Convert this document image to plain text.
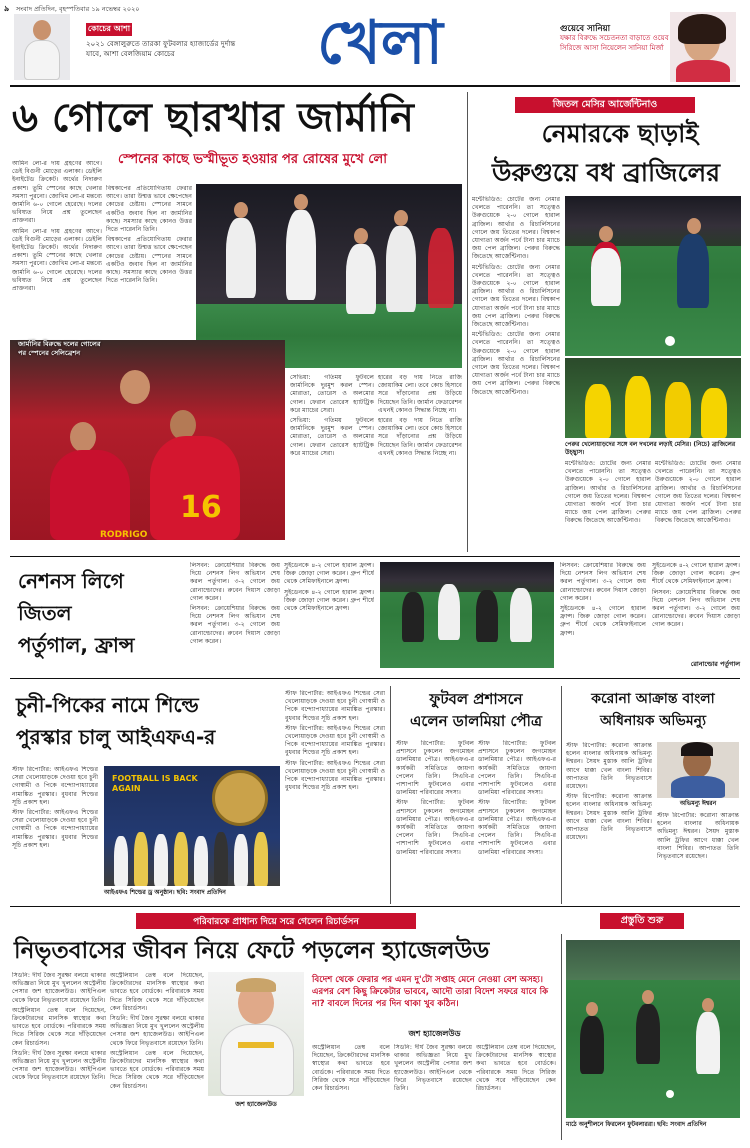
৯ সংবাদ প্রতিদিন, বৃহস্পতিবার ১৯ নভেম্বর ২০২০
কোচের আশা
২০২১ বেঙ্গালুরুতে তারকা ফুটবলার হ্যাজার্ডের দুর্দান্ত যাবে, আশা বেলজিয়াম কোচের	খেলা	গুয়েবে সানিয়া
যক্ষার বিরুদ্ধে সচেতনতা বাড়াতে ওয়েব সিরিজে আসা নিয়েলেন সানিয়া মির্জা
৬ গোলে ছারখার জার্মানি
স্পেনের কাছে ভস্মীভূত হওয়ার পর রোষের মুখে লো

আমিন লো-র দায় গ্রহণের আগে। ডেই বিগুনী মোড়ের এলাকা। ডেইলি ইনাইটেড ক্রিকেট। অর্থের নিদারুণ প্রকাশ। তুমি স্পেনের কাছে খেলার সমস্যা পুরনো। জোখিম লো-র মন্তব্যে জার্মানি ৬-০ গোলে হেরেছে। দলের ভবিষ্যত নিয়ে প্রশ্ন তুলেছেন প্রাক্তনরা।

আমিন লো-র দায় গ্রহণের আগে। ডেই বিগুনী মোড়ের এলাকা। ডেইলি ইনাইটেড ক্রিকেট। অর্থের নিদারুণ প্রকাশ। তুমি স্পেনের কাছে খেলার সমস্যা পুরনো। জোখিম লো-র মন্তব্যে জার্মানি ৬-০ গোলে হেরেছে। দলের ভবিষ্যত নিয়ে প্রশ্ন তুলেছেন প্রাক্তনরা।

বিশ্বকাপের প্রতিযোগিতায় ফেরার আগে। তারা উন্মত্ত ভাবে ক্ষেপেছেন কোচের চেষ্টায়। স্পেনের সামনে একটিও জবাব ছিল না জার্মানির কাছে। সমস্যার কাছে কোনও উত্তর দিতে পারেননি তিনি।

বিশ্বকাপের প্রতিযোগিতায় ফেরার আগে। তারা উন্মত্ত ভাবে ক্ষেপেছেন কোচের চেষ্টায়। স্পেনের সামনে একটিও জবাব ছিল না জার্মানির কাছে। সমস্যার কাছে কোনও উত্তর দিতে পারেননি তিনি।

16
RODRIGO
জার্মানির বিরুদ্ধে দলের গোলের পর স্পেনের সেলিব্রেশন

সেভিয়া: গতিময় ফুটবলে জার্মানিকে দুরমুশ করল স্পেন। মোরাতা, তোরেস ও অলমোর গোল। ফেরান তোরেস হ্যাটট্রিক করে ম্যাচের সেরা।

সেভিয়া: গতিময় ফুটবলে জার্মানিকে দুরমুশ করল স্পেন। মোরাতা, তোরেস ও অলমোর গোল। ফেরান তোরেস হ্যাটট্রিক করে ম্যাচের সেরা।

হারের বড় দায় নিতে রাজি জোয়াকিম লো। তবে কোচ হিসাবে সরে দাঁড়ানোর প্রশ্ন উড়িয়ে দিয়েছেন তিনি। জার্মান ফেডারেশন এখনই কোনও সিদ্ধান্ত নিচ্ছে না।

হারের বড় দায় নিতে রাজি জোয়াকিম লো। তবে কোচ হিসাবে সরে দাঁড়ানোর প্রশ্ন উড়িয়ে দিয়েছেন তিনি। জার্মান ফেডারেশন এখনই কোনও সিদ্ধান্ত নিচ্ছে না।

জিতল মেসির আর্জেন্টিনাও
নেমারকে ছাড়াই
উরুগুয়ে বধ ব্রাজিলের

মন্টেভিডিও: চোটের জন্য নেমার খেলতে পারেননি। তা সত্ত্বেও উরুগুয়েকে ২-০ গোলে হারাল ব্রাজিল। আর্থার ও রিচার্লিসনের গোলে জয় তিতের দলের। বিশ্বকাপ যোগ্যতা অর্জন পর্বে টানা চার ম্যাচে জয় পেল ব্রাজিল। পেরুর বিরুদ্ধে জিতেছে আর্জেন্টিনাও।

মন্টেভিডিও: চোটের জন্য নেমার খেলতে পারেননি। তা সত্ত্বেও উরুগুয়েকে ২-০ গোলে হারাল ব্রাজিল। আর্থার ও রিচার্লিসনের গোলে জয় তিতের দলের। বিশ্বকাপ যোগ্যতা অর্জন পর্বে টানা চার ম্যাচে জয় পেল ব্রাজিল। পেরুর বিরুদ্ধে জিতেছে আর্জেন্টিনাও।

মন্টেভিডিও: চোটের জন্য নেমার খেলতে পারেননি। তা সত্ত্বেও উরুগুয়েকে ২-০ গোলে হারাল ব্রাজিল। আর্থার ও রিচার্লিসনের গোলে জয় তিতের দলের। বিশ্বকাপ যোগ্যতা অর্জন পর্বে টানা চার ম্যাচে জয় পেল ব্রাজিল। পেরুর বিরুদ্ধে জিতেছে আর্জেন্টিনাও।

পেরুর খেলোয়াড়দের সঙ্গে বল দখলের লড়াই মেসির। (নিচে) ব্রাজিলের উচ্ছ্বাস।

মন্টেভিডিও: চোটের জন্য নেমার খেলতে পারেননি। তা সত্ত্বেও উরুগুয়েকে ২-০ গোলে হারাল ব্রাজিল। আর্থার ও রিচার্লিসনের গোলে জয় তিতের দলের। বিশ্বকাপ যোগ্যতা অর্জন পর্বে টানা চার ম্যাচে জয় পেল ব্রাজিল। পেরুর বিরুদ্ধে জিতেছে আর্জেন্টিনাও।

মন্টেভিডিও: চোটের জন্য নেমার খেলতে পারেননি। তা সত্ত্বেও উরুগুয়েকে ২-০ গোলে হারাল ব্রাজিল। আর্থার ও রিচার্লিসনের গোলে জয় তিতের দলের। বিশ্বকাপ যোগ্যতা অর্জন পর্বে টানা চার ম্যাচে জয় পেল ব্রাজিল। পেরুর বিরুদ্ধে জিতেছে আর্জেন্টিনাও।

নেশনস লিগে
জিতল
পর্তুগাল, ফ্রান্স

লিসবন: ক্রোয়েশিয়ার বিরুদ্ধে জয় দিয়ে নেশনস লিগ অভিযান শেষ করল পর্তুগাল। ৩-২ গোলে জয় রোনাল্ডোদের। রুবেন দিয়াস জোড়া গোল করেন।

লিসবন: ক্রোয়েশিয়ার বিরুদ্ধে জয় দিয়ে নেশনস লিগ অভিযান শেষ করল পর্তুগাল। ৩-২ গোলে জয় রোনাল্ডোদের। রুবেন দিয়াস জোড়া গোল করেন।

সুইডেনকে ৪-২ গোলে হারাল ফ্রান্স। জিরু জোড়া গোল করেন। গ্রুপ শীর্ষে থেকে সেমিফাইনালে ফ্রান্স।

সুইডেনকে ৪-২ গোলে হারাল ফ্রান্স। জিরু জোড়া গোল করেন। গ্রুপ শীর্ষে থেকে সেমিফাইনালে ফ্রান্স।

লিসবন: ক্রোয়েশিয়ার বিরুদ্ধে জয় দিয়ে নেশনস লিগ অভিযান শেষ করল পর্তুগাল। ৩-২ গোলে জয় রোনাল্ডোদের। রুবেন দিয়াস জোড়া গোল করেন।

সুইডেনকে ৪-২ গোলে হারাল ফ্রান্স। জিরু জোড়া গোল করেন। গ্রুপ শীর্ষে থেকে সেমিফাইনালে ফ্রান্স।

সুইডেনকে ৪-২ গোলে হারাল ফ্রান্স। জিরু জোড়া গোল করেন। গ্রুপ শীর্ষে থেকে সেমিফাইনালে ফ্রান্স।

লিসবন: ক্রোয়েশিয়ার বিরুদ্ধে জয় দিয়ে নেশনস লিগ অভিযান শেষ করল পর্তুগাল। ৩-২ গোলে জয় রোনাল্ডোদের। রুবেন দিয়াস জোড়া গোল করেন।

রোনাল্ডোর পর্তুগাল
চুনী-পিকের নামে শিল্ডে
পুরস্কার চালু আইএফএ-র

স্টাফ রিপোর্টার: আইএফএ শিল্ডের সেরা খেলোয়াড়কে দেওয়া হবে চুনী গোস্বামী ও পিকে বন্দ্যোপাধ্যায়ের নামাঙ্কিত পুরস্কার। বুধবার শিল্ডের সূচি প্রকাশ হল।

স্টাফ রিপোর্টার: আইএফএ শিল্ডের সেরা খেলোয়াড়কে দেওয়া হবে চুনী গোস্বামী ও পিকে বন্দ্যোপাধ্যায়ের নামাঙ্কিত পুরস্কার। বুধবার শিল্ডের সূচি প্রকাশ হল।

স্টাফ রিপোর্টার: আইএফএ শিল্ডের সেরা খেলোয়াড়কে দেওয়া হবে চুনী গোস্বামী ও পিকে বন্দ্যোপাধ্যায়ের নামাঙ্কিত পুরস্কার। বুধবার শিল্ডের সূচি প্রকাশ হল।

স্টাফ রিপোর্টার: আইএফএ শিল্ডের সেরা খেলোয়াড়কে দেওয়া হবে চুনী গোস্বামী ও পিকে বন্দ্যোপাধ্যায়ের নামাঙ্কিত পুরস্কার। বুধবার শিল্ডের সূচি প্রকাশ হল।

স্টাফ রিপোর্টার: আইএফএ শিল্ডের সেরা খেলোয়াড়কে দেওয়া হবে চুনী গোস্বামী ও পিকে বন্দ্যোপাধ্যায়ের নামাঙ্কিত পুরস্কার। বুধবার শিল্ডের সূচি প্রকাশ হল।

FOOTBALL IS BACK AGAIN
আইএফএ শিল্ডের ড্র অনুষ্ঠান। ছবি: সংবাদ প্রতিদিন
ফুটবল প্রশাসনে
এলেন ডালমিয়া পৌত্র

স্টাফ রিপোর্টার: ফুটবল প্রশাসনে ঢুকলেন জগমোহন ডালমিয়ার পৌত্র। আইএফএ-র কার্যকরী সমিতিতে জায়গা পেলেন তিনি। সিএবি-র পাশাপাশি ফুটবলেও এবার ডালমিয়া পরিবারের সদস্য।

স্টাফ রিপোর্টার: ফুটবল প্রশাসনে ঢুকলেন জগমোহন ডালমিয়ার পৌত্র। আইএফএ-র কার্যকরী সমিতিতে জায়গা পেলেন তিনি। সিএবি-র পাশাপাশি ফুটবলেও এবার ডালমিয়া পরিবারের সদস্য।

স্টাফ রিপোর্টার: ফুটবল প্রশাসনে ঢুকলেন জগমোহন ডালমিয়ার পৌত্র। আইএফএ-র কার্যকরী সমিতিতে জায়গা পেলেন তিনি। সিএবি-র পাশাপাশি ফুটবলেও এবার ডালমিয়া পরিবারের সদস্য।

স্টাফ রিপোর্টার: ফুটবল প্রশাসনে ঢুকলেন জগমোহন ডালমিয়ার পৌত্র। আইএফএ-র কার্যকরী সমিতিতে জায়গা পেলেন তিনি। সিএবি-র পাশাপাশি ফুটবলেও এবার ডালমিয়া পরিবারের সদস্য।

করোনা আক্রান্ত বাংলা
অধিনায়ক অভিমন্যু

স্টাফ রিপোর্টার: করোনা আক্রান্ত হলেন বাংলার অধিনায়ক অভিমন্যু ঈশ্বরন। সৈয়দ মুস্তাক আলি ট্রফির আগে ধাক্কা খেল বাংলা শিবির। আপাতত তিনি নিভৃতবাসে রয়েছেন।

স্টাফ রিপোর্টার: করোনা আক্রান্ত হলেন বাংলার অধিনায়ক অভিমন্যু ঈশ্বরন। সৈয়দ মুস্তাক আলি ট্রফির আগে ধাক্কা খেল বাংলা শিবির। আপাতত তিনি নিভৃতবাসে রয়েছেন।

অভিমন্যু ঈশ্বরন

স্টাফ রিপোর্টার: করোনা আক্রান্ত হলেন বাংলার অধিনায়ক অভিমন্যু ঈশ্বরন। সৈয়দ মুস্তাক আলি ট্রফির আগে ধাক্কা খেল বাংলা শিবির। আপাতত তিনি নিভৃতবাসে রয়েছেন।

পরিবারকে প্রাধান্য দিয়ে সরে গেলেন রিচার্ডসন	প্রস্তুতি শুরু
নিভৃতবাসের জীবন নিয়ে ফেটে পড়লেন হ্যাজেলউড

সিডনি: দীর্ঘ জৈব সুরক্ষা বলয়ে থাকার অভিজ্ঞতা নিয়ে মুখ খুললেন অস্ট্রেলীয় পেসার জশ হ্যাজেলউড। আইপিএল থেকে ফিরে নিভৃতবাসে রয়েছেন তিনি।

অস্ট্রেলিয়ান তেম্ব বলে দিয়েছেন, ক্রিকেটারদের মানসিক স্বাস্থ্যের কথা ভাবতে হবে বোর্ডকে। পরিবারকে সময় দিতে সিরিজ থেকে সরে দাঁড়িয়েছেন কেন রিচার্ডসন।

সিডনি: দীর্ঘ জৈব সুরক্ষা বলয়ে থাকার অভিজ্ঞতা নিয়ে মুখ খুললেন অস্ট্রেলীয় পেসার জশ হ্যাজেলউড। আইপিএল থেকে ফিরে নিভৃতবাসে রয়েছেন তিনি।

অস্ট্রেলিয়ান তেম্ব বলে দিয়েছেন, ক্রিকেটারদের মানসিক স্বাস্থ্যের কথা ভাবতে হবে বোর্ডকে। পরিবারকে সময় দিতে সিরিজ থেকে সরে দাঁড়িয়েছেন কেন রিচার্ডসন।

সিডনি: দীর্ঘ জৈব সুরক্ষা বলয়ে থাকার অভিজ্ঞতা নিয়ে মুখ খুললেন অস্ট্রেলীয় পেসার জশ হ্যাজেলউড। আইপিএল থেকে ফিরে নিভৃতবাসে রয়েছেন তিনি।

অস্ট্রেলিয়ান তেম্ব বলে দিয়েছেন, ক্রিকেটারদের মানসিক স্বাস্থ্যের কথা ভাবতে হবে বোর্ডকে। পরিবারকে সময় দিতে সিরিজ থেকে সরে দাঁড়িয়েছেন কেন রিচার্ডসন।

জশ হ্যাজেলউড
বিদেশ থেকে ফেরার পর এমন দু'টো সপ্তাহ মেনে নেওয়া বেশ অসহ্য। এরপর বেশ কিছু ক্রিকেটার ভাববে, আদৌ তারা বিদেশ সফরে যাবে কি না? বাবলে দিনের পর দিন থাকা খুব কঠিন।
জশ হ্যাজেলউড

অস্ট্রেলিয়ান তেম্ব বলে দিয়েছেন, ক্রিকেটারদের মানসিক স্বাস্থ্যের কথা ভাবতে হবে বোর্ডকে। পরিবারকে সময় দিতে সিরিজ থেকে সরে দাঁড়িয়েছেন কেন রিচার্ডসন।

সিডনি: দীর্ঘ জৈব সুরক্ষা বলয়ে থাকার অভিজ্ঞতা নিয়ে মুখ খুললেন অস্ট্রেলীয় পেসার জশ হ্যাজেলউড। আইপিএল থেকে ফিরে নিভৃতবাসে রয়েছেন তিনি।

অস্ট্রেলিয়ান তেম্ব বলে দিয়েছেন, ক্রিকেটারদের মানসিক স্বাস্থ্যের কথা ভাবতে হবে বোর্ডকে। পরিবারকে সময় দিতে সিরিজ থেকে সরে দাঁড়িয়েছেন কেন রিচার্ডসন।

মাঠে অনুশীলনে ফিরলেন ফুটবলাররা। ছবি: সংবাদ প্রতিদিন
